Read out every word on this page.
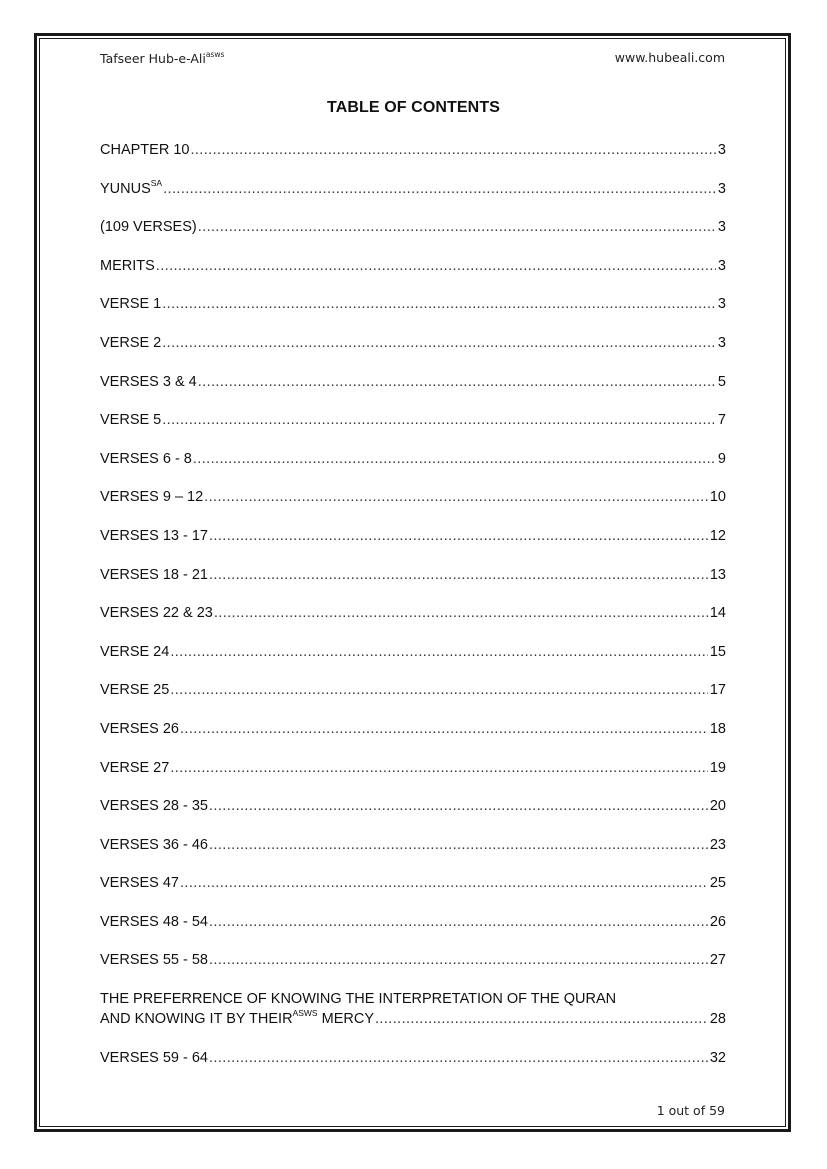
Tafseer Hub-e-Ali$^{asws}$	www.hubeali.com
TABLE OF CONTENTS
CHAPTER 10 .....	3
$YUNUS^{SA}$ .....	3
(109 VERSES) .....	3
MERITS .....	3
VERSE 1 .....	3
VERSE 2 .....	3
VERSES 3 & 4 .....	5
VERSE 5 .....	7
VERSES 6 - 8 .....	9
VERSES 9 – 12 .....	10
VERSES 13 - 17 .....	12
VERSES 18 - 21 .....	13
VERSES 22 & 23 .....	14
VERSE 24 .....	15
VERSE 25 .....	17
VERSES 26 .....	18
VERSE 27 .....	19
VERSES 28 - 35 .....	20
VERSES 36 - 46 .....	23
VERSES 47 .....	25
VERSES 48 - 54 .....	26
VERSES 55 - 58 .....	27
THE PREFERRENCE OF KNOWING THE INTERPRETATION OF THE QURAN
AND KNOWING IT BY $THEIR^{ASWS}$ MERCY .....	28
VERSES 59 - 64 .....	32
1 out of 59
